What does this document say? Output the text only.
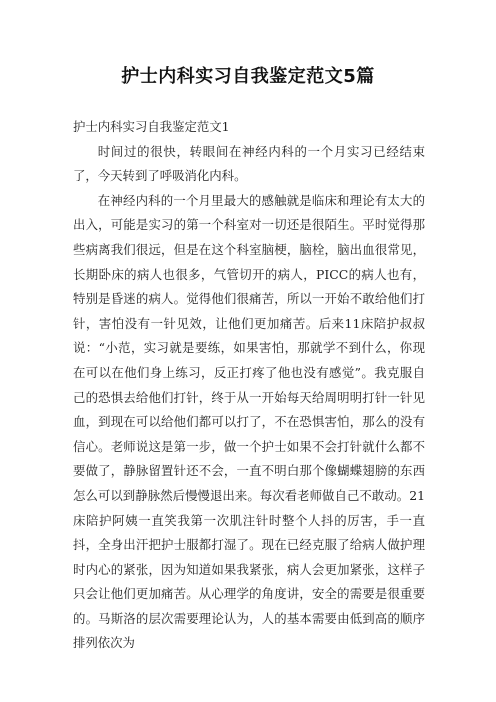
护士内科实习自我鉴定范文5篇

护士内科实习自我鉴定范文1

时间过的很快，转眼间在神经内科的一个月实习已经结束了，今天转到了呼吸消化内科。

在神经内科的一个月里最大的感触就是临床和理论有太大的出入，可能是实习的第一个科室对一切还是很陌生。平时觉得那些病离我们很远，但是在这个科室脑梗，脑栓，脑出血很常见，长期卧床的病人也很多，气管切开的病人，PICC的病人也有，特别是昏迷的病人。觉得他们很痛苦，所以一开始不敢给他们打针，害怕没有一针见效，让他们更加痛苦。后来11床陪护叔叔说：“小范，实习就是要练，如果害怕，那就学不到什么，你现在可以在他们身上练习，反正打疼了他也没有感觉”。我克服自己的恐惧去给他们打针，终于从一开始每天给周明明打针一针见血，到现在可以给他们都可以打了，不在恐惧害怕，那么的没有信心。老师说这是第一步，做一个护士如果不会打针就什么都不要做了，静脉留置针还不会，一直不明白那个像蝴蝶翅膀的东西怎么可以到静脉然后慢慢退出来。每次看老师做自己不敢动。21床陪护阿姨一直笑我第一次肌注针时整个人抖的厉害，手一直抖，全身出汗把护士服都打湿了。现在已经克服了给病人做护理时内心的紧张，因为知道如果我紧张，病人会更加紧张，这样子只会让他们更加痛苦。从心理学的角度讲，安全的需要是很重要的。马斯洛的层次需要理论认为，人的基本需要由低到高的顺序排列依次为
